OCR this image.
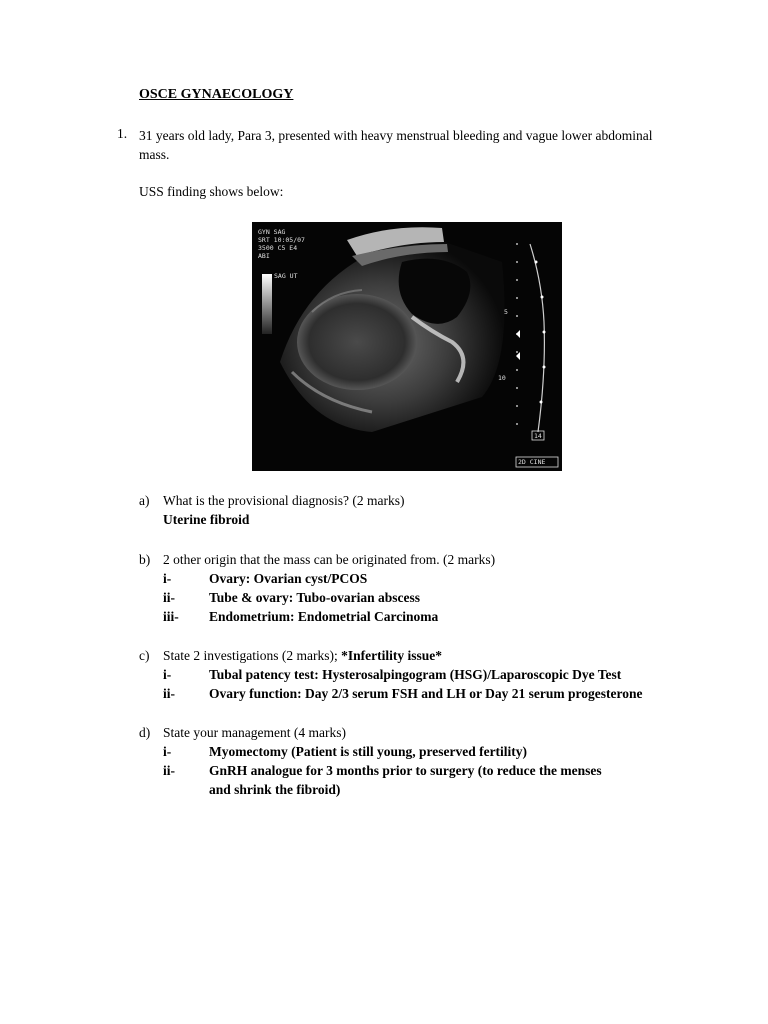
OSCE GYNAECOLOGY
1. 31 years old lady, Para 3, presented with heavy menstrual bleeding and vague lower abdominal mass.
USS finding shows below:
GYN SAG
SRT 10:05/07
3500 C5 E4
ABI
SAG UT
5
10
14
2D CINE
a) What is the provisional diagnosis? (2 marks)
Uterine fibroid
b) 2 other origin that the mass can be originated from. (2 marks)
i-	Ovary: Ovarian cyst/PCOS
ii-	Tube & ovary: Tubo-ovarian abscess
iii- Endometrium: Endometrial Carcinoma
c) State 2 investigations (2 marks); *Infertility issue*
i-	Tubal patency test: Hysterosalpingogram (HSG)/Laparoscopic Dye Test
ii-	Ovary function: Day 2/3 serum FSH and LH or Day 21 serum progesterone
d) State your management (4 marks)
i-	Myomectomy (Patient is still young, preserved fertility)
ii-	GnRH analogue for 3 months prior to surgery (to reduce the menses
and shrink the fibroid)
